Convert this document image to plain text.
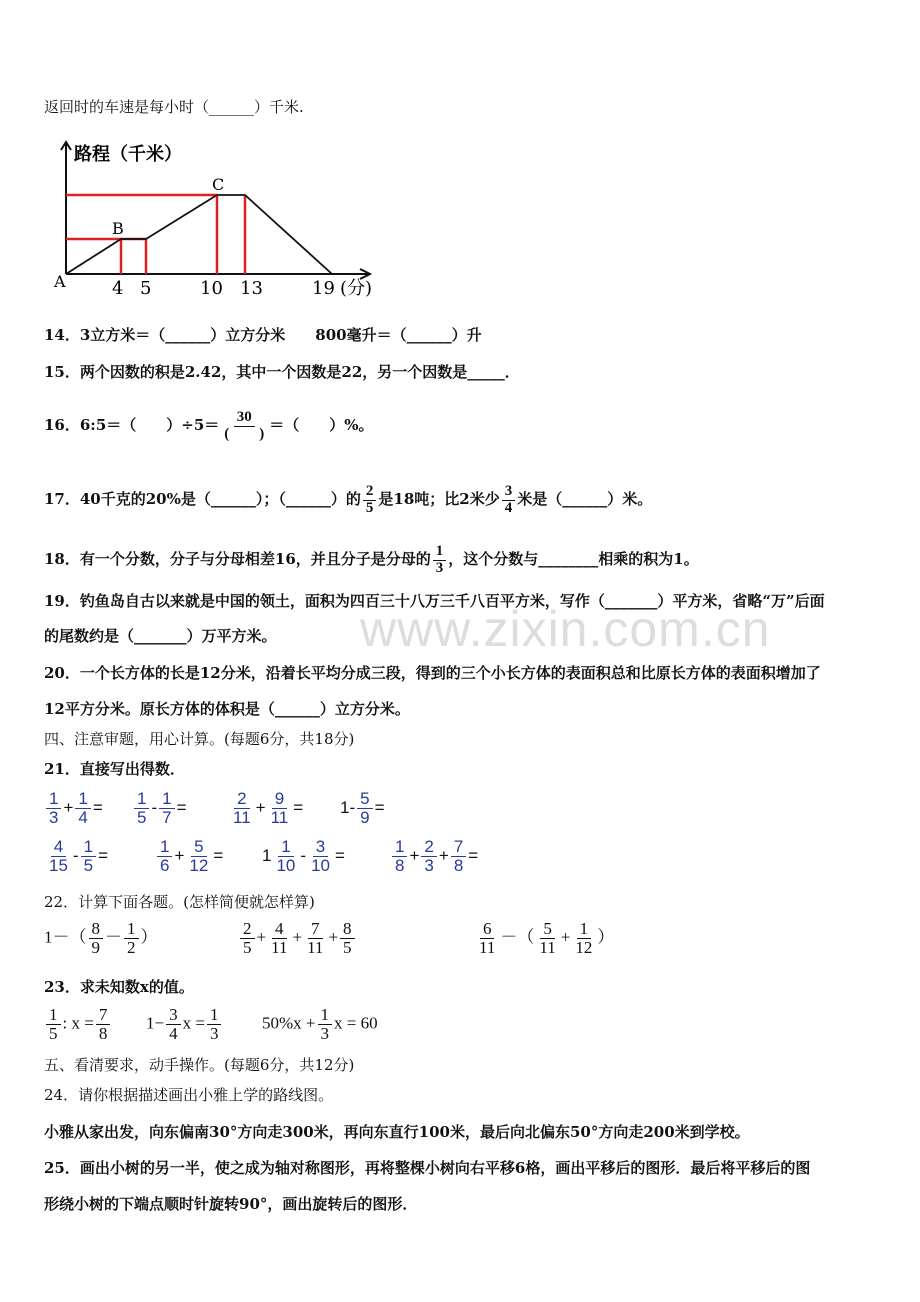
返回时的车速是每小时（______）千米.
路程（千米）
A
B
C
4 5	10 13	19 (分)
14．3立方米＝（______）立方分米　　800毫升＝（______）升
15．两个因数的积是2.42，其中一个因数是22，另一个因数是_____．
16．6:5＝（　　）$\div 5= \frac{30}{( )}$ ＝（　　）%。
17．40千克的20%是（______）；（______）的 $\frac{2}{5}$ 是18吨；比2米少 $\frac{3}{4}$ 米是（______）米。
18．有一个分数，分子与分母相差16，并且分子是分母的 $\frac{1}{3}$ ，这个分数与________相乘的积为1。
19．钓鱼岛自古以来就是中国的领土，面积为四百三十八万三千八百平方米，写作（_______）平方米，省略“万”后面
的尾数约是（_______）万平方米。 www.zixin.com.cn
20．一个长方体的长是12分米，沿着长平均分成三段，得到的三个小长方体的表面积总和比原长方体的表面积增加了
12平方分米。原长方体的体积是（______）立方分米。
四、注意审题，用心计算。(每题6分，共18分)
21．直接写出得数．
$\frac{1}{3} + \frac{1}{4} = \frac{1}{5} - \frac{1}{7}$ =	$\frac{2}{11} + \frac{9}{11} = 1- \frac{5}{9}$ =
$\frac{4}{15} - \frac{1}{5}$ =	$\frac{1}{6} + \frac{5}{12} = 1 \frac{1}{10} - \frac{3}{10}$ =	$\frac{1}{8} + \frac{2}{3} + \frac{7}{8}$ =
22．计算下面各题。(怎样简便就怎样算)
$1-( \frac{8}{9} - \frac{1}{2}$ ）	$\frac{2}{5} + \frac{4}{11} + \frac{7}{11} + \frac{8}{5}$	$\frac{6}{11}$ －（ $\frac{5}{11} + \frac{1}{12}$ ）
23．求未知数x的值。
$\frac{1}{5}$ : $x = \frac{7}{8} 1- \frac{3}{4}$ $x = \frac{1}{3} 50\%x + \frac{1}{3}$ x = 60
五、看清要求，动手操作。(每题6分，共12分)
24．请你根据描述画出小雅上学的路线图。
小雅从家出发，向东偏南30°方向走300米，再向东直行100米，最后向北偏东50°方向走200米到学校。
25．画出小树的另一半，使之成为轴对称图形，再将整棵小树向右平移6格，画出平移后的图形．最后将平移后的图
形绕小树的下端点顺时针旋转90°，画出旋转后的图形．
